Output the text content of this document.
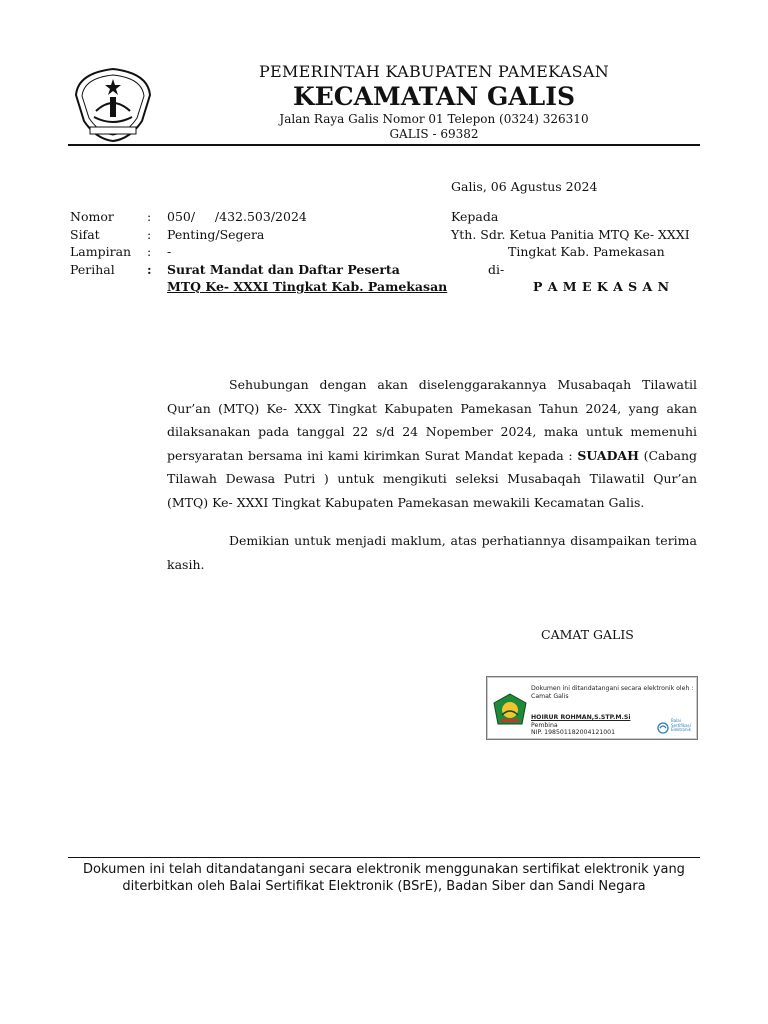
PEMERINTAH KABUPATEN PAMEKASAN
KECAMATAN GALIS
Jalan Raya Galis Nomor 01 Telepon (0324) 326310
GALIS - 69382
Galis, 06 Agustus 2024
Nomor	: 050/     /432.503/2024
Sifat	: Penting/Segera
Lampiran : -
Perihal	: Surat Mandat dan Daftar Peserta
MTQ Ke- XXXI Tingkat Kab. Pamekasan
Kepada
Yth. Sdr. Ketua Panitia MTQ Ke- XXXI
Tingkat Kab. Pamekasan
di-
P A M E K A S A N
Sehubungan dengan akan diselenggarakannya Musabaqah Tilawatil Qur’an (MTQ) Ke- XXX Tingkat Kabupaten Pamekasan Tahun 2024, yang akan dilaksanakan pada tanggal 22 s/d 24 Nopember 2024, maka untuk memenuhi persyaratan bersama ini kami kirimkan Surat Mandat kepada : SUADAH (Cabang Tilawah Dewasa Putri ) untuk mengikuti seleksi Musabaqah Tilawatil Qur’an (MTQ) Ke- XXXI Tingkat Kabupaten Pamekasan mewakili Kecamatan Galis.
Demikian untuk menjadi maklum, atas perhatiannya disampaikan terima kasih.
CAMAT GALIS
Dokumen ini ditandatangani secara elektronik oleh : Camat Galis
HOIRUR ROHMAN,S.STP.M.Si
Pembina
NIP. 198501182004121001
Balai Sertifikasi Elektronik
Dokumen ini telah ditandatangani secara elektronik menggunakan sertifikat elektronik yang
diterbitkan oleh Balai Sertifikat Elektronik (BSrE), Badan Siber dan Sandi Negara
